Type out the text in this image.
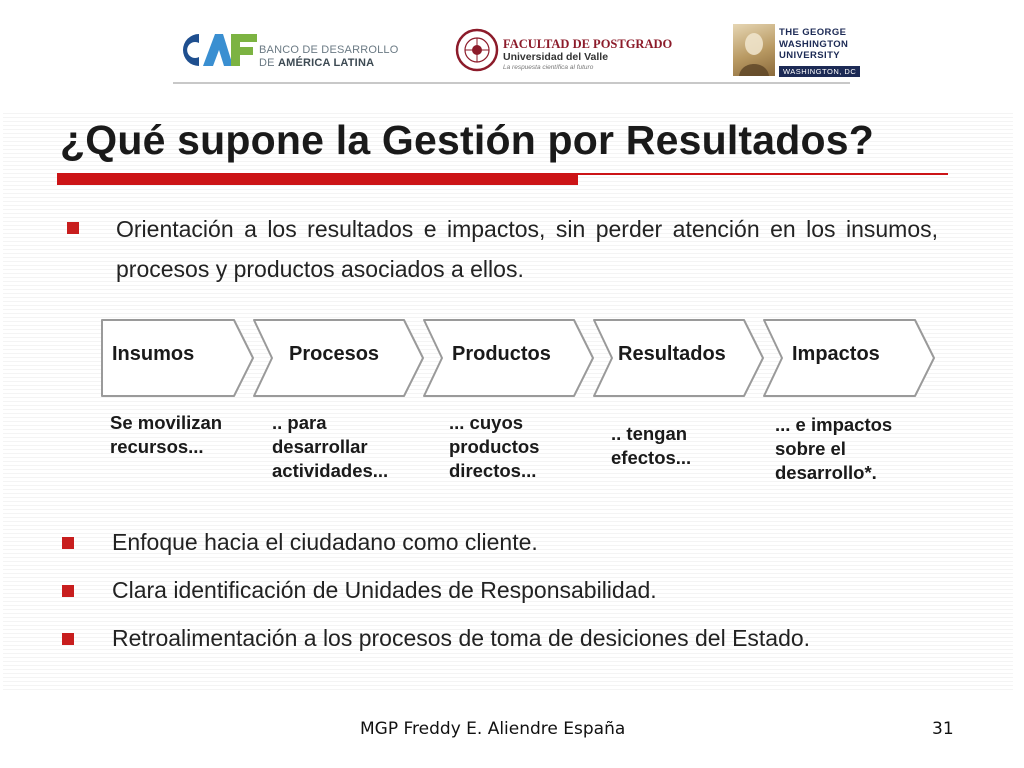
BANCO DE DESARROLLO
DE AMÉRICA LATINA
FACULTAD DE POSTGRADO
Universidad del Valle
La respuesta científica al futuro
THE GEORGE
WASHINGTON
UNIVERSITY
WASHINGTON, DC
¿Qué supone la Gestión por Resultados?
Orientación a los resultados e impactos, sin perder atención en los insumos, procesos y productos asociados a ellos.
Insumos	Procesos	Productos	Resultados	Impactos
Se movilizan
recursos...
.. para
desarrollar
actividades...
... cuyos
productos
directos...
.. tengan
efectos...
... e impactos
sobre el
desarrollo*.
Enfoque hacia el ciudadano como cliente.
Clara identificación de Unidades de Responsabilidad.
Retroalimentación a los procesos de toma de desiciones del Estado.
MGP Freddy E. Aliendre España	31
